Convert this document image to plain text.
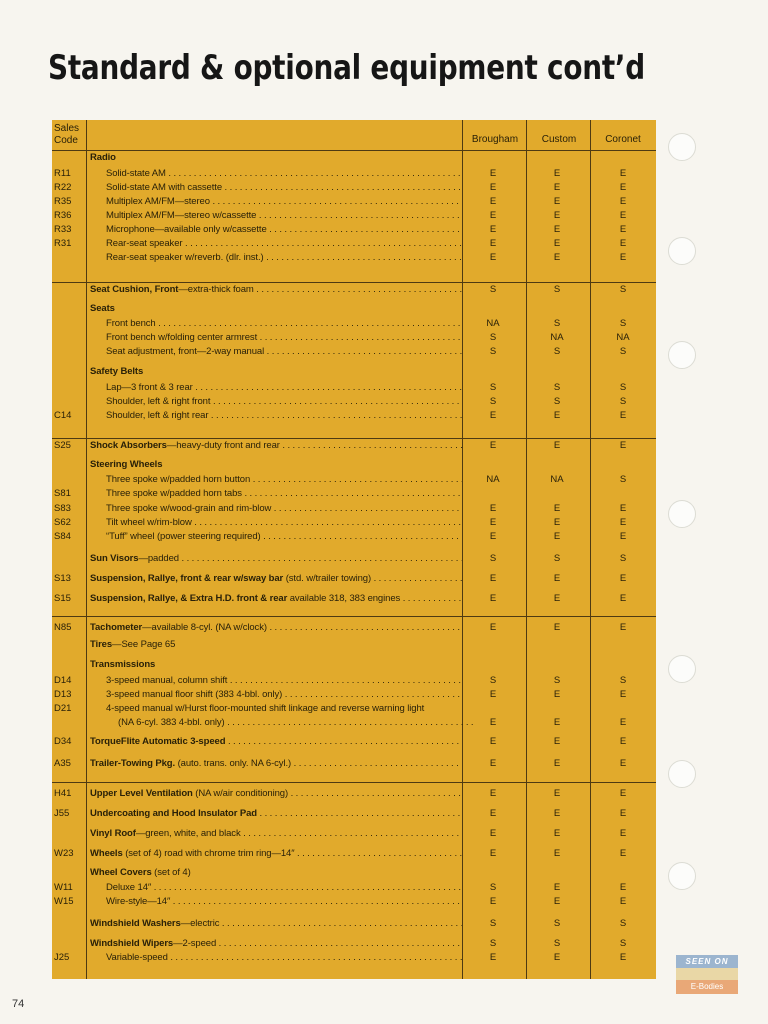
Standard & optional equipment cont’d
Sales Code	Brougham	Custom	Coronet
Radio
R11	Solid-state AM . . .	E	E	E
R22	Solid-state AM with cassette . . .	E	E	E
R35	Multiplex AM/FM—stereo . . .	E	E	E
R36	Multiplex AM/FM—stereo w/cassette . . .	E	E	E
R33	Microphone—available only w/cassette . . .	E	E	E
R31	Rear-seat speaker . . .	E	E	E
Rear-seat speaker w/reverb. (dlr. inst.) . . .	E	E	E
Seat Cushion, Front—extra-thick foam . . .	S	S	S
Seats
Front bench . . .	NA	S	S
Front bench w/folding center armrest . . .	S	NA	NA
Seat adjustment, front—2-way manual . . .	S	S	S
Safety Belts
Lap—3 front & 3 rear . . .	S	S	S
Shoulder, left & right front . . .	S	S	S
C14	Shoulder, left & right rear . . .	E	E	E
S25	Shock Absorbers—heavy-duty front and rear . . .	E	E	E
Steering Wheels
Three spoke w/padded horn button . . .	NA	NA	S
S81	Three spoke w/padded horn tabs . . .
S83	Three spoke w/wood-grain and rim-blow . . .	E	E	E
S62	Tilt wheel w/rim-blow . . .	E	E	E
S84	“Tuff” wheel (power steering required) . . .	E	E	E
Sun Visors—padded . . .	S	S	S
S13	Suspension, Rallye, front & rear w/sway bar (std. w/trailer towing) . . .	E	E	E
S15	Suspension, Rallye, & Extra H.D. front & rear available 318, 383 engines . . .	E	E	E
N85	Tachometer—available 8-cyl. (NA w/clock) . . .	E	E	E
Tires—See Page 65
Transmissions
D14	3-speed manual, column shift . . .	S	S	S
D13	3-speed manual floor shift (383 4-bbl. only) . . .	E	E	E
D21	4-speed manual w/Hurst floor-mounted shift linkage and reverse warning light
(NA 6-cyl. 383 4-bbl. only) . . .	E	E	E
D34	TorqueFlite Automatic 3-speed . . .	E	E	E
A35	Trailer-Towing Pkg. (auto. trans. only. NA 6-cyl.) . . .	E	E	E
H41	Upper Level Ventilation (NA w/air conditioning) . . .	E	E	E
J55	Undercoating and Hood Insulator Pad . . .	E	E	E
Vinyl Roof—green, white, and black . . .	E	E	E
W23	Wheels (set of 4) road with chrome trim ring—14″ . . .	E	E	E
Wheel Covers (set of 4)
W11	Deluxe 14″ . . .	S	E	E
W15	Wire-style—14″ . . .	E	E	E
Windshield Washers—electric . . .	S	S	S
Windshield Wipers—2-speed . . .	S	S	S
J25	Variable-speed . . .	E	E	E
74
SEEN ON
E-Bodies
